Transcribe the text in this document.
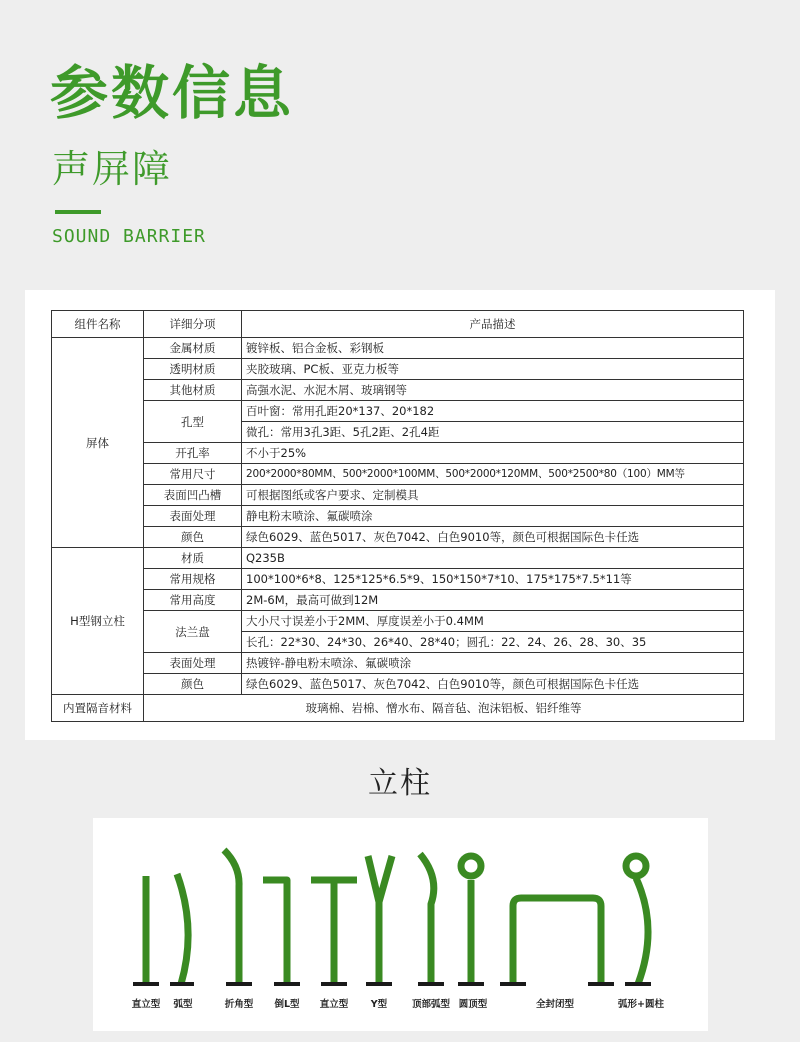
参数信息
声屏障
SOUND BARRIER
组件名称	详细分项	产品描述
屏体	金属材质	镀锌板、铝合金板、彩钢板
	透明材质	夹胶玻璃、PC板、亚克力板等
	其他材质	高强水泥、水泥木屑、玻璃钢等
	孔型	百叶窗：常用孔距20*137、20*182
		微孔：常用3孔3距、5孔2距、2孔4距
	开孔率	不小于25%
	常用尺寸	200*2000*80MM、500*2000*100MM、500*2000*120MM、500*2500*80（100）MM等
	表面凹凸槽	可根据图纸或客户要求、定制模具
	表面处理	静电粉末喷涂、氟碳喷涂
	颜色	绿色6029、蓝色5017、灰色7042、白色9010等，颜色可根据国际色卡任选
H型钢立柱	材质	Q235B
	常用规格	100*100*6*8、125*125*6.5*9、150*150*7*10、175*175*7.5*11等
	常用高度	2M-6M，最高可做到12M
	法兰盘	大小尺寸误差小于2MM、厚度误差小于0.4MM
		长孔：22*30、24*30、26*40、28*40；圆孔：22、24、26、28、30、35
	表面处理	热镀锌-静电粉末喷涂、氟碳喷涂
	颜色	绿色6029、蓝色5017、灰色7042、白色9010等，颜色可根据国际色卡任选
内置隔音材料	玻璃棉、岩棉、憎水布、隔音毡、泡沫铝板、铝纤维等	
立柱
直立型 弧型	折角型 倒L型 直立型 Y型	顶部弧型 圆顶型	全封闭型	弧形+圆柱
